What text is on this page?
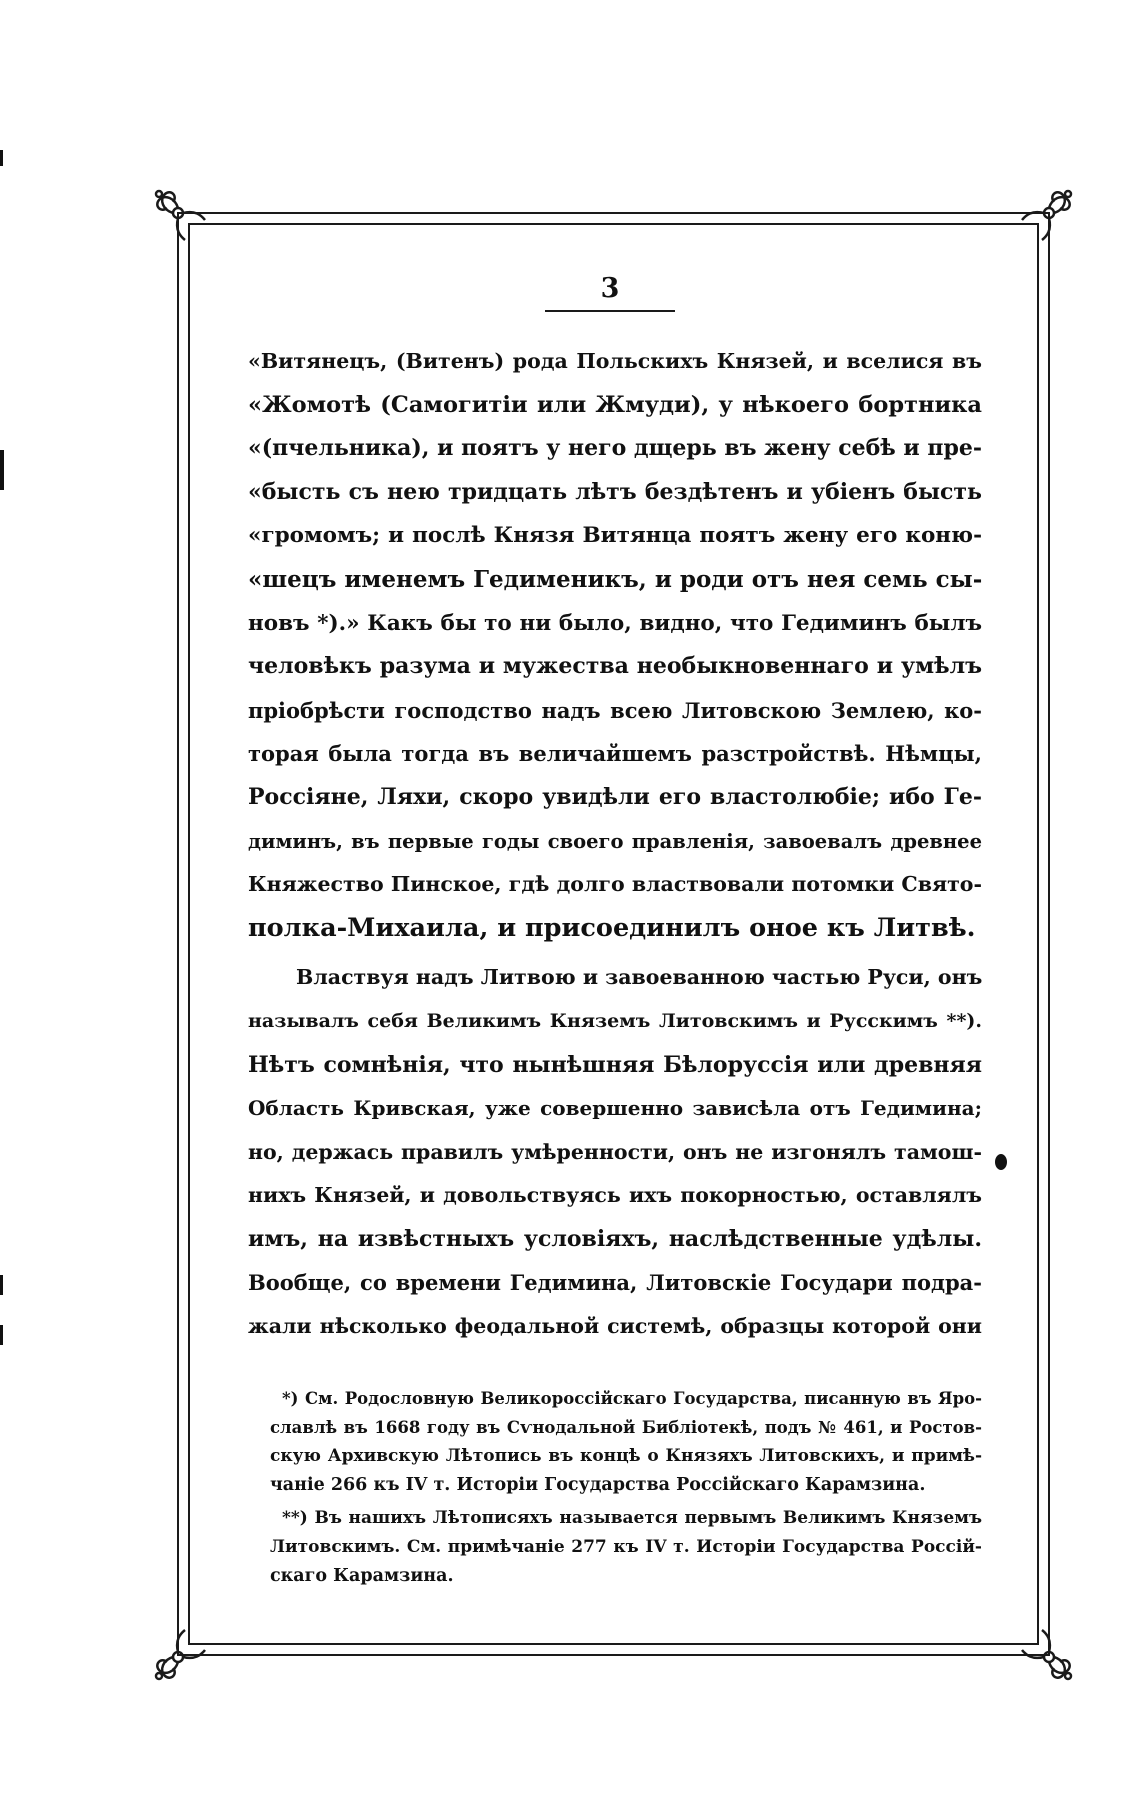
3
«Витянецъ, (Витенъ) рода Польскихъ Князей, и вселися въ
«Жомотѣ (Самогитіи или Жмуди), у нѣкоего бортника
«(пчельника), и поятъ у него дщерь въ жену себѣ и пре-
«бысть съ нею тридцать лѣтъ бездѣтенъ и убіенъ бысть
«громомъ; и послѣ Князя Витянца поятъ жену его коню-
«шецъ именемъ Гедименикъ, и роди отъ нея семь сы-
новъ *).» Какъ бы то ни было, видно, что Гедиминъ былъ
человѣкъ разума и мужества необыкновеннаго и умѣлъ
пріобрѣсти господство надъ всею Литовскою Землею, ко-
торая была тогда въ величайшемъ разстройствѣ. Нѣмцы,
Россіяне, Ляхи, скоро увидѣли его властолюбіе; ибо Ге-
диминъ, въ первые годы своего правленія, завоевалъ древнее
Княжество Пинское, гдѣ долго властвовали потомки Свято-
полка-Михаила, и присоединилъ оное къ Литвѣ.
Властвуя надъ Литвою и завоеванною частью Руси, онъ
называлъ себя Великимъ Княземъ Литовскимъ и Русскимъ **).
Нѣтъ сомнѣнія, что нынѣшняя Бѣлоруссія или древняя
Область Кривская, уже совершенно зависѣла отъ Гедимина;
но, держась правилъ умѣренности, онъ не изгонялъ тамош-
нихъ Князей, и довольствуясь ихъ покорностью, оставлялъ
имъ, на извѣстныхъ условіяхъ, наслѣдственные удѣлы.
Вообще, со времени Гедимина, Литовскіе Государи подра-
жали нѣсколько феодальной системѣ, образцы которой они
*) См. Родословную Великороссійскаго Государства, писанную въ Яро-
славлѣ въ 1668 году въ Сѵнодальной Библіотекѣ, подъ № 461, и Ростов-
скую Архивскую Лѣтопись въ концѣ о Князяхъ Литовскихъ, и примѣ-
чаніе 266 къ IV т. Исторіи Государства Россійскаго Карамзина.
**) Въ нашихъ Лѣтописяхъ называется первымъ Великимъ Княземъ
Литовскимъ. См. примѣчаніе 277 къ IV т. Исторіи Государства Россій-
скаго Карамзина.
